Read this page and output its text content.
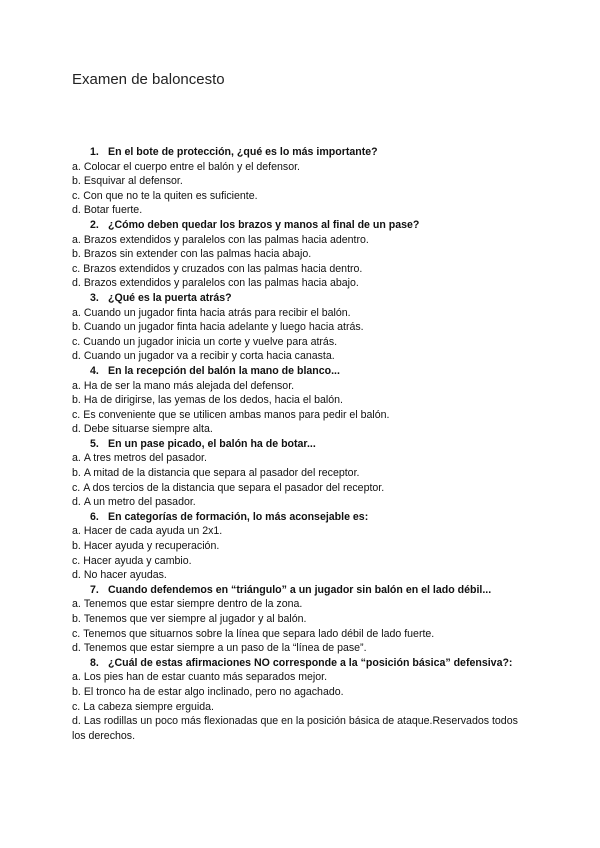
Examen de baloncesto
1. En el bote de protección, ¿qué es lo más importante?

a. Colocar el cuerpo entre el balón y el defensor.

b. Esquivar al defensor.

c. Con que no te la quiten es suficiente.

d. Botar fuerte.

2. ¿Cómo deben quedar los brazos y manos al final de un pase?

a. Brazos extendidos y paralelos con las palmas hacia adentro.

b. Brazos sin extender con las palmas hacia abajo.

c. Brazos extendidos y cruzados con las palmas hacia dentro.

d. Brazos extendidos y paralelos con las palmas hacia abajo.

3. ¿Qué es la puerta atrás?

a. Cuando un jugador finta hacia atrás para recibir el balón.

b. Cuando un jugador finta hacia adelante y luego hacia atrás.

c. Cuando un jugador inicia un corte y vuelve para atrás.

d. Cuando un jugador va a recibir y corta hacia canasta.

4. En la recepción del balón la mano de blanco...

a. Ha de ser la mano más alejada del defensor.

b. Ha de dirigirse, las yemas de los dedos, hacia el balón.

c. Es conveniente que se utilicen ambas manos para pedir el balón.

d. Debe situarse siempre alta.

5. En un pase picado, el balón ha de botar...

a. A tres metros del pasador.

b. A mitad de la distancia que separa al pasador del receptor.

c. A dos tercios de la distancia que separa el pasador del receptor.

d. A un metro del pasador.

6. En categorías de formación, lo más aconsejable es:

a. Hacer de cada ayuda un 2x1.

b. Hacer ayuda y recuperación.

c. Hacer ayuda y cambio.

d. No hacer ayudas.

7. Cuando defendemos en “triángulo” a un jugador sin balón en el lado débil...

a. Tenemos que estar siempre dentro de la zona.

b. Tenemos que ver siempre al jugador y al balón.

c. Tenemos que situarnos sobre la línea que separa lado débil de lado fuerte.

d. Tenemos que estar siempre a un paso de la “línea de pase”.

8. ¿Cuál de estas afirmaciones NO corresponde a la “posición básica” defensiva?:

a. Los pies han de estar cuanto más separados mejor.

b. El tronco ha de estar algo inclinado, pero no agachado.

c. La cabeza siempre erguida.

d. Las rodillas un poco más flexionadas que en la posición básica de ataque.Reservados todos los derechos.
